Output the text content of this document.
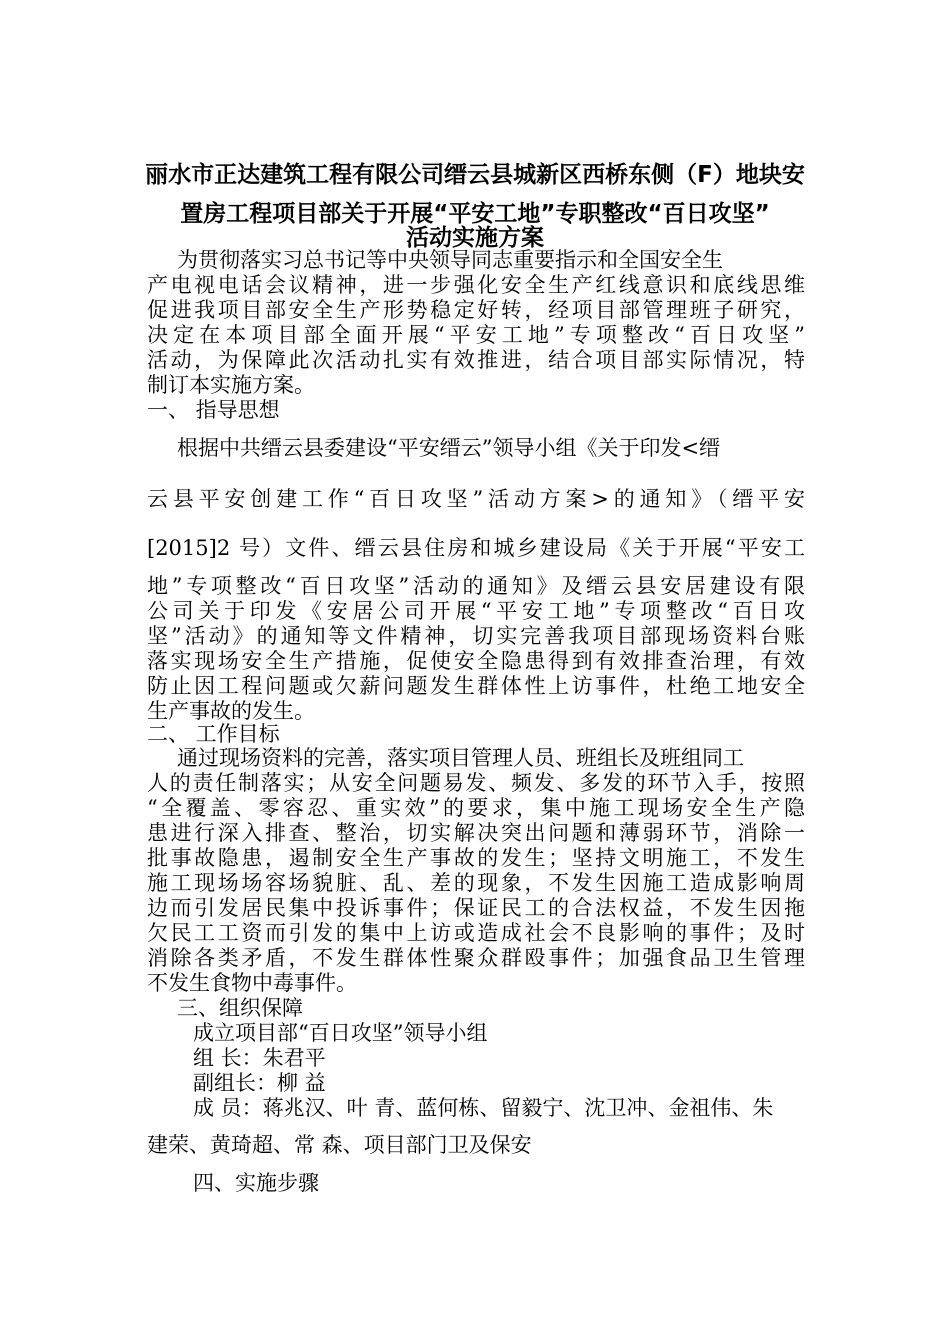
丽水市正达建筑工程有限公司缙云县城新区西桥东侧（F）地块安
置房工程项目部关于开展“平安工地”专职整改“百日攻坚”
活动实施方案
为贯彻落实习总书记等中央领导同志重要指示和全国安全生
产电视电话会议精神，进一步强化安全生产红线意识和底线思维
促进我项目部安全生产形势稳定好转，经项目部管理班子研究，
决定在本项目部全面开展“平安工地”专项整改“百日攻坚”
活动，为保障此次活动扎实有效推进，结合项目部实际情况，特
制订本实施方案。
一、 指导思想
根据中共缙云县委建设“平安缙云”领导小组《关于印发<缙
云县平安创建工作“百日攻坚”活动方案>的通知》（缙平安
[2015]2 号）文件、缙云县住房和城乡建设局《关于开展“平安工
地”专项整改“百日攻坚”活动的通知》及缙云县安居建设有限
公司关于印发《安居公司开展“平安工地”专项整改“百日攻
坚”活动》的通知等文件精神，切实完善我项目部现场资料台账
落实现场安全生产措施，促使安全隐患得到有效排查治理，有效
防止因工程问题或欠薪问题发生群体性上访事件，杜绝工地安全
生产事故的发生。
二、 工作目标
通过现场资料的完善，落实项目管理人员、班组长及班组同工
人的责任制落实；从安全问题易发、频发、多发的环节入手，按照
“全覆盖、零容忍、重实效”的要求，集中施工现场安全生产隐
患进行深入排查、整治，切实解决突出问题和薄弱环节，消除一
批事故隐患，遏制安全生产事故的发生；坚持文明施工，不发生
施工现场场容场貌脏、乱、差的现象，不发生因施工造成影响周
边而引发居民集中投诉事件；保证民工的合法权益，不发生因拖
欠民工工资而引发的集中上访或造成社会不良影响的事件；及时
消除各类矛盾，不发生群体性聚众群殴事件；加强食品卫生管理
不发生食物中毒事件。
三、组织保障
成立项目部“百日攻坚”领导小组
组 长：朱君平
副组长：柳 益
成 员：蒋兆汉、叶 青、蓝何栋、留毅宁、沈卫冲、金祖伟、朱
建荣、黄琦超、常 森、项目部门卫及保安
四、实施步骤
